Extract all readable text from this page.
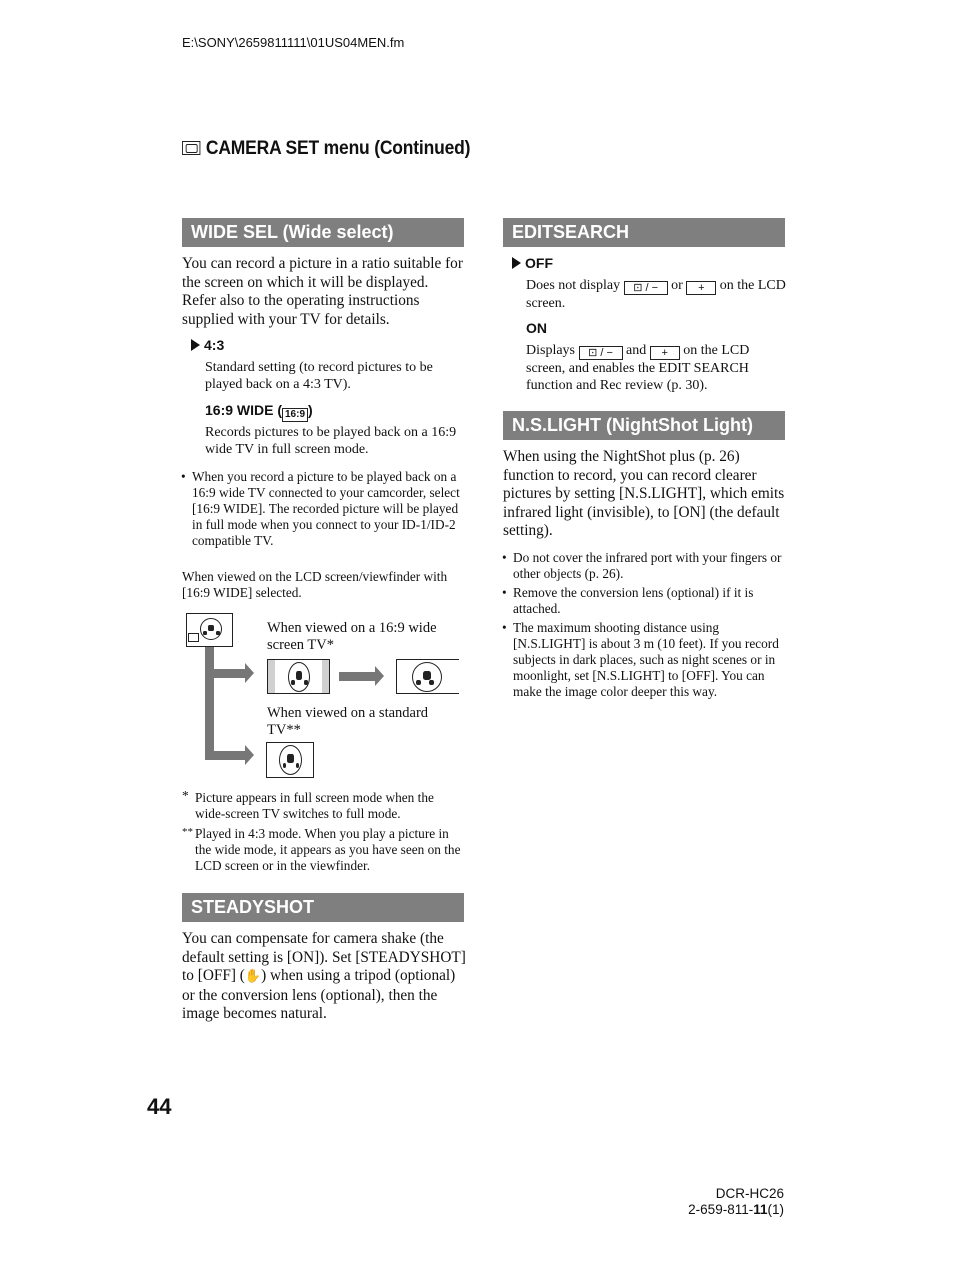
E:\SONY\2659811111\01US04MEN.fm
CAMERA SET menu (Continued)
WIDE SEL (Wide select)
You can record a picture in a ratio suitable for the screen on which it will be displayed. Refer also to the operating instructions supplied with your TV for details.
4:3
Standard setting (to record pictures to be played back on a 4:3 TV).
16:9 WIDE ( 16:9 )
Records pictures to be played back on a 16:9 wide TV in full screen mode.
• When you record a picture to be played back on a 16:9 wide TV connected to your camcorder, select [16:9 WIDE]. The recorded picture will be played in full mode when you connect to your ID-1/ID-2 compatible TV.
When viewed on the LCD screen/viewfinder with [16:9 WIDE] selected.
When viewed on a 16:9 wide screen TV*
When viewed on a standard TV**
* Picture appears in full screen mode when the wide-screen TV switches to full mode.
** Played in 4:3 mode. When you play a picture in the wide mode, it appears as you have seen on the LCD screen or in the viewfinder.
STEADYSHOT
You can compensate for camera shake (the default setting is [ON]). Set [STEADYSHOT] to [OFF] (✋) when using a tripod (optional) or the conversion lens (optional), then the image becomes natural.
EDITSEARCH
OFF
Does not display ⊡ / − or + on the LCD screen.
ON
Displays ⊡ / − and + on the LCD screen, and enables the EDIT SEARCH function and Rec review (p. 30).
N.S.LIGHT (NightShot Light)
When using the NightShot plus (p. 26) function to record, you can record clearer pictures by setting [N.S.LIGHT], which emits infrared light (invisible), to [ON] (the default setting).
• Do not cover the infrared port with your fingers or other objects (p. 26).
• Remove the conversion lens (optional) if it is attached.
• The maximum shooting distance using [N.S.LIGHT] is about 3 m (10 feet). If you record subjects in dark places, such as night scenes or in moonlight, set [N.S.LIGHT] to [OFF]. You can make the image color deeper this way.
44
DCR-HC26
2-659-811-11(1)
